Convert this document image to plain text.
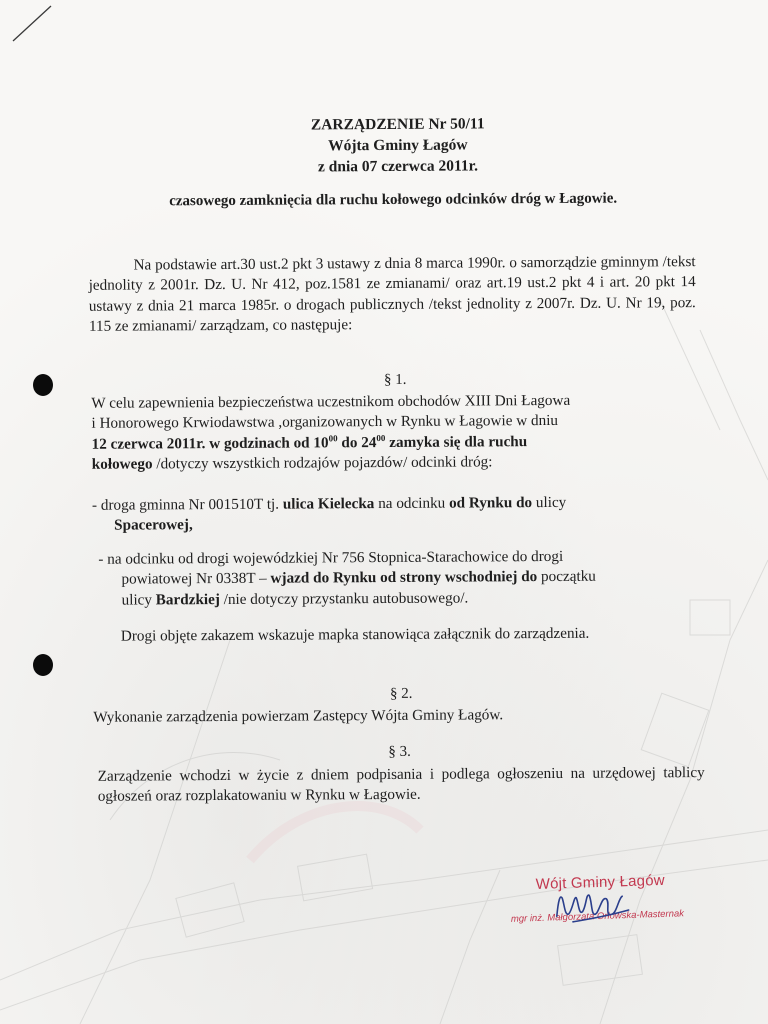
ZARZĄDZENIE Nr 50/11
Wójta Gminy Łagów
z dnia 07 czerwca 2011r.
czasowego zamknięcia dla ruchu kołowego odcinków dróg w Łagowie.
Na podstawie art.30 ust.2 pkt 3 ustawy z dnia 8 marca 1990r. o samorządzie gminnym /tekst jednolity z 2001r. Dz. U. Nr 412, poz.1581 ze zmianami/ oraz art.19 ust.2 pkt 4 i art. 20 pkt 14 ustawy z dnia 21 marca 1985r. o drogach publicznych /tekst jednolity z 2007r. Dz. U. Nr 19, poz. 115 ze zmianami/ zarządzam, co następuje:
§ 1.
W celu zapewnienia bezpieczeństwa uczestnikom obchodów XIII Dni Łagowa
i Honorowego Krwiodawstwa ,organizowanych w Rynku w Łagowie w dniu
12 czerwca 2011r. w godzinach od $10^{00}$ do $24^{00}$ zamyka się dla ruchu
kołowego /dotyczy wszystkich rodzajów pojazdów/ odcinki dróg:
- droga gminna Nr 001510T tj. ulica Kielecka na odcinku od Rynku do ulicy
Spacerowej,
- na odcinku od drogi wojewódzkiej Nr 756 Stopnica-Starachowice do drogi
powiatowej Nr 0338T – wjazd do Rynku od strony wschodniej do początku
ulicy Bardzkiej /nie dotyczy przystanku autobusowego/.
Drogi objęte zakazem wskazuje mapka stanowiąca załącznik do zarządzenia.
§ 2.
Wykonanie zarządzenia powierzam Zastępcy Wójta Gminy Łagów.
§ 3.
Zarządzenie wchodzi w życie z dniem podpisania i podlega ogłoszeniu na urzędowej tablicy ogłoszeń oraz rozplakatowaniu w Rynku w Łagowie.
Wójt Gminy Łagów
mgr inż. Małgorzata Orłowska-Masternak
